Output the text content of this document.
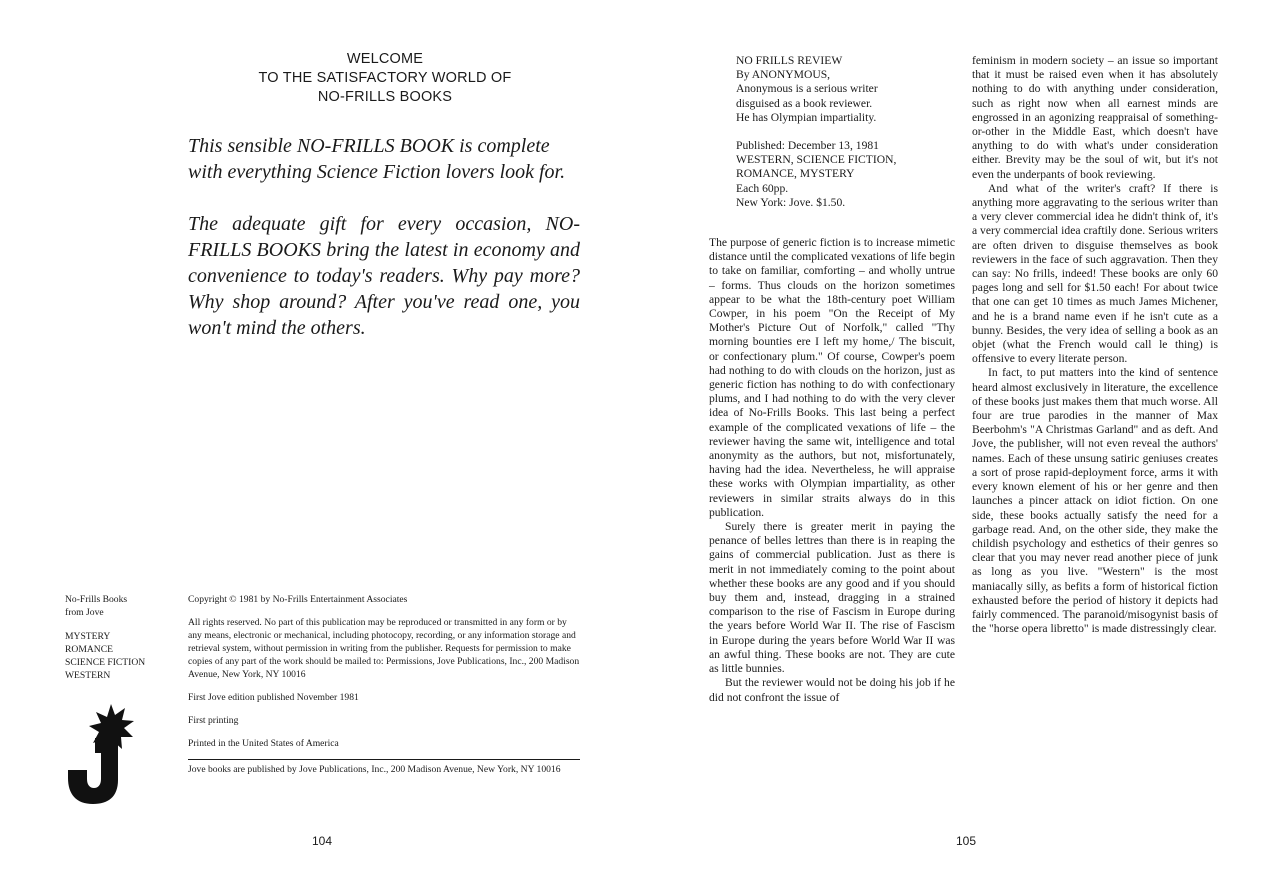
WELCOME
TO THE SATISFACTORY WORLD OF
NO-FRILLS BOOKS
This sensible NO-FRILLS BOOK is complete with everything Science Fiction lovers look for.
The adequate gift for every occasion, NO-FRILLS BOOKS bring the latest in economy and convenience to today's readers. Why pay more? Why shop around? After you've read one, you won't mind the others.
No-Frills Books
from Jove
MYSTERY
ROMANCE
SCIENCE FICTION
WESTERN
J

Copyright © 1981 by No-Frills Entertainment Associates

All rights reserved. No part of this publication may be reproduced or transmitted in any form or by any means, electronic or mechanical, including photocopy, recording, or any information storage and retrieval system, without permission in writing from the publisher. Requests for permission to make copies of any part of the work should be mailed to: Permissions, Jove Publications, Inc., 200 Madison Avenue, New York, NY 10016

First Jove edition published November 1981

First printing

Printed in the United States of America

Jove books are published by Jove Publications, Inc., 200 Madison Avenue, New York, NY 10016

104
NO FRILLS REVIEW
By ANONYMOUS,
Anonymous is a serious writer
disguised as a book reviewer.
He has Olympian impartiality.
Published: December 13, 1981
WESTERN, SCIENCE FICTION,
ROMANCE, MYSTERY
Each 60pp.
New York: Jove. $1.50.

The purpose of generic fiction is to increase mimetic distance until the complicated vexations of life begin to take on familiar, comforting – and wholly untrue – forms. Thus clouds on the horizon sometimes appear to be what the 18th-century poet William Cowper, in his poem "On the Receipt of My Mother's Picture Out of Norfolk," called "Thy morning bounties ere I left my home,/ The biscuit, or confectionary plum." Of course, Cowper's poem had nothing to do with clouds on the horizon, just as generic fiction has nothing to do with confectionary plums, and I had nothing to do with the very clever idea of No-Frills Books. This last being a perfect example of the complicated vexations of life – the reviewer having the same wit, intelligence and total anonymity as the authors, but not, misfortunately, having had the idea. Nevertheless, he will appraise these works with Olympian impartiality, as other reviewers in similar straits always do in this publication.

Surely there is greater merit in paying the penance of belles lettres than there is in reaping the gains of commercial publication. Just as there is merit in not immediately coming to the point about whether these books are any good and if you should buy them and, instead, dragging in a strained comparison to the rise of Fascism in Europe during the years before World War II. The rise of Fascism in Europe during the years before World War II was an awful thing. These books are not. They are cute as little bunnies.

But the reviewer would not be doing his job if he did not confront the issue of

feminism in modern society – an issue so important that it must be raised even when it has absolutely nothing to do with anything under consideration, such as right now when all earnest minds are engrossed in an agonizing reappraisal of something-or-other in the Middle East, which doesn't have anything to do with what's under consideration either. Brevity may be the soul of wit, but it's not even the underpants of book reviewing.

And what of the writer's craft? If there is anything more aggravating to the serious writer than a very clever commercial idea he didn't think of, it's a very commercial idea craftily done. Serious writers are often driven to disguise themselves as book reviewers in the face of such aggravation. Then they can say: No frills, indeed! These books are only 60 pages long and sell for $1.50 each! For about twice that one can get 10 times as much James Michener, and he is a brand name even if he isn't cute as a bunny. Besides, the very idea of selling a book as an objet (what the French would call le thing) is offensive to every literate person.

In fact, to put matters into the kind of sentence heard almost exclusively in literature, the excellence of these books just makes them that much worse. All four are true parodies in the manner of Max Beerbohm's "A Christmas Garland" and as deft. And Jove, the publisher, will not even reveal the authors' names. Each of these unsung satiric geniuses creates a sort of prose rapid-deployment force, arms it with every known element of his or her genre and then launches a pincer attack on idiot fiction. On one side, these books actually satisfy the need for a garbage read. And, on the other side, they make the childish psychology and esthetics of their genres so clear that you may never read another piece of junk as long as you live. "Western" is the most maniacally silly, as befits a form of historical fiction exhausted before the period of history it depicts had fairly commenced. The paranoid/misogynist basis of the "horse opera libretto" is made distressingly clear.

105
